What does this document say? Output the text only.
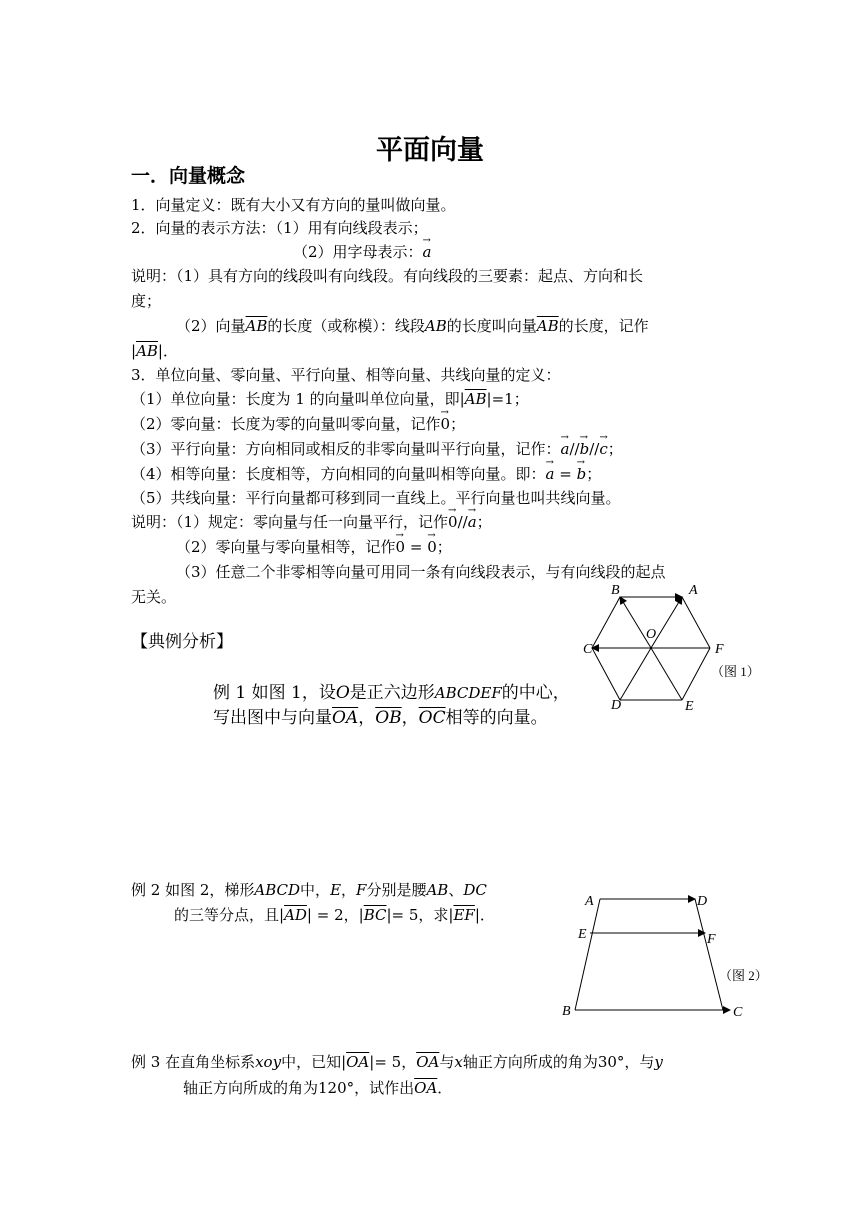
平面向量
一．向量概念
1．向量定义：既有大小又有方向的量叫做向量。
2．向量的表示方法：（1）用有向线段表示；
（2）用字母表示：→ a
说明：（1）具有方向的线段叫有向线段。有向线段的三要素：起点、方向和长
度；
（2）向量$\overline{AB}$的长度（或称模）：线段AB的长度叫向量$\overline{AB}$的长度，记作
$|\overline{AB}|$．
3．单位向量、零向量、平行向量、相等向量、共线向量的定义：
（1）单位向量：长度为 1 的向量叫单位向量，即$|\overline{AB}|=1$；
（2）零向量：长度为零的向量叫零向量，记作→ 0；
（3）平行向量：方向相同或相反的非零向量叫平行向量，记作：→ a//→ b//→ c；
（4）相等向量：长度相等，方向相同的向量叫相等向量。即：→ a = → b；
（5）共线向量：平行向量都可移到同一直线上。平行向量也叫共线向量。
说明：（1）规定：零向量与任一向量平行，记作→ 0//→ a；
（2）零向量与零向量相等，记作→ 0 = → 0；
（3）任意二个非零相等向量可用同一条有向线段表示，与有向线段的起点
无关。
【典例分析】
B	A
C	F
O
D	E
（图 1）
例 1 如图 1，设O是正六边形ABCDEF的中心，
写出图中与向量$\overline{OA}$，$\overline{OB}$，$\overline{OC}$相等的向量。
例 2 如图 2，梯形ABCD中，E，F分别是腰AB、DC
的三等分点，且$|\overline{AD}| = 2$，$|\overline{BC}|= 5$，求$|\overline{EF}|$．
A	D
E	F
B	C
（图 2）
例 3 在直角坐标系xoy中，已知$|\overline{OA}|= 5$，$\overline{OA}$与x轴正方向所成的角为30°，与y
轴正方向所成的角为120°，试作出$\overline{OA}$．
